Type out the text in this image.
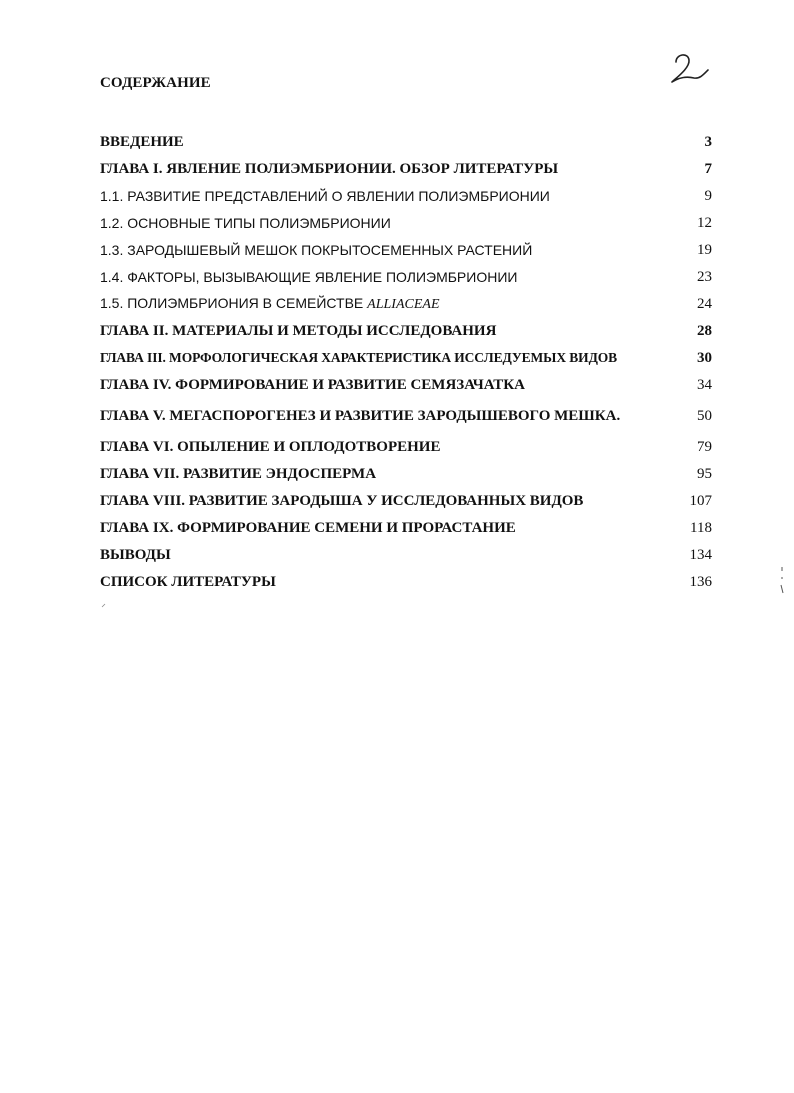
СОДЕРЖАНИЕ
ВВЕДЕНИЕ	3
ГЛАВА I. ЯВЛЕНИЕ ПОЛИЭМБРИОНИИ. ОБЗОР ЛИТЕРАТУРЫ	7
1.1. РАЗВИТИЕ ПРЕДСТАВЛЕНИЙ О ЯВЛЕНИИ ПОЛИЭМБРИОНИИ	9
1.2. ОСНОВНЫЕ ТИПЫ ПОЛИЭМБРИОНИИ	12
1.3. ЗАРОДЫШЕВЫЙ МЕШОК ПОКРЫТОСЕМЕННЫХ РАСТЕНИЙ	19
1.4. ФАКТОРЫ, ВЫЗЫВАЮЩИЕ ЯВЛЕНИЕ ПОЛИЭМБРИОНИИ	23
1.5. ПОЛИЭМБРИОНИЯ В СЕМЕЙСТВЕ ALLIACEAE	24
ГЛАВА II. МАТЕРИАЛЫ И МЕТОДЫ ИССЛЕДОВАНИЯ	28
ГЛАВА III. МОРФОЛОГИЧЕСКАЯ ХАРАКТЕРИСТИКА ИССЛЕДУЕМЫХ ВИДОВ	30
ГЛАВА IV. ФОРМИРОВАНИЕ И РАЗВИТИЕ СЕМЯЗАЧАТКА	34
ГЛАВА V. МЕГАСПОРОГЕНЕЗ И РАЗВИТИЕ ЗАРОДЫШЕВОГО МЕШКА.	50
ГЛАВА VI. ОПЫЛЕНИЕ И ОПЛОДОТВОРЕНИЕ	79
ГЛАВА VII. РАЗВИТИЕ ЭНДОСПЕРМА	95
ГЛАВА VIII. РАЗВИТИЕ ЗАРОДЫША У ИССЛЕДОВАННЫХ ВИДОВ	107
ГЛАВА IX. ФОРМИРОВАНИЕ СЕМЕНИ И ПРОРАСТАНИЕ	118
ВЫВОДЫ	134
СПИСОК ЛИТЕРАТУРЫ	136
